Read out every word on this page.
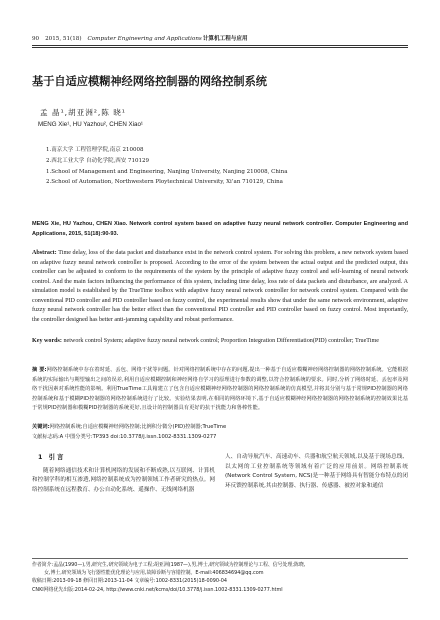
90 2015, 51(18) Computer Engineering and Applications 计算机工程与应用
基于自适应模糊神经网络控制器的网络控制系统
孟 晶¹,胡亚洲²,陈 晓¹
MENG Xie¹, HU Yazhou², CHEN Xiao¹
1.南京大学 工程管理学院,南京 210008
2.西北工业大学 自动化学院,西安 710129
1.School of Management and Engineering, Nanjing University, Nanjing 210008, China
2.School of Automation, Northwestern Ploytechnical University, Xi’an 710129, China
MENG Xie, HU Yazhou, CHEN Xiao. Network control system based on adaptive fuzzy neural network controller. Computer Engineering and Applications, 2015, 51(18):90-93.
Abstract: Time delay, loss of the data packet and disturbance exist in the network control system. For solving this problem, a new network system based on adaptive fuzzy neural network controller is proposed. According to the error of the system between the actual output and the predicted output, this controller can be adjusted to conform to the requirements of the system by the principle of adaptive fuzzy control and self-learning of neural network control. And the main factors influencing the performance of this system, including time delay, loss rate of data packets and disturbance, are analyzed. A simulation model is established by the TrueTime toolbox with adaptive fuzzy neural network controller for network control system. Compared with the conventional PID controller and PID controller based on fuzzy control, the experimental results show that under the same network environment, adaptive fuzzy neural network controller has the better effect than the conventional PID controller and PID controller based on fuzzy control. Most importantly, the controller designed has better anti-jamming capability and robust performance.
Key words: network control System; adaptive fuzzy neural network control; Proportion Integration Differentiation(PID) controller; TrueTime
摘 要:网络控制系统中存在着时延、丢包、网络干扰等问题。针对网络控制系统中存在的问题,提出一种基于自适应模糊神经网络控制器的网络控制系统。它能根据系统的实际输出与期望输出之间的误差,利用自适应模糊控制和神经网络自学习的原理进行参数的调整,以符合控制系统的要求。同时,分析了网络时延、丢包率及网络干扰因素对系统性能的影响。利用TrueTime工具箱建立了包含自适应模糊神经网络控制器的网络控制系统的仿真模型,并将其分别与基于常规PID控制器的网络控制系统和基于模糊PID控制器的网络控制系统进行了比较。实验结果表明,在相同的网络环境下,基于自适应模糊神经网络控制器的网络控制系统的控制效果比基于常规PID控制器和模糊PID控制器的系统更好,且设计的控制器具有更好的抗干扰能力和鲁棒性能。
关键词:网络控制系统;自适应模糊神经网络控制;比例积分微分(PID)控制器;TrueTime
文献标志码:A 中图分类号:TP393 doi:10.3778/j.issn.1002-8331.1309-0277
1 引言
随着网络通信技术和计算机网络的发展和不断成熟,以互联网、计算机和控制学科的相互渗透,网络控制系统成为控制领域工作者研究的热点。网络控制系统在远程教育、办公自动化系统、遥操作、无线网络机器
人、自动导航汽车、高速动车、兵器和航空航天领域,以及基于现场总线、以太网的工业控制系统等领域有着广泛的应用前景。网络控制系统(Network Control System, NCS)是一种基于网络具有智能分布特点的闭环反馈控制系统,其由控制器、执行器、传感器、被控对象和通信
作者简介:孟晶(1990—),男,研究生,研究领域为电子工程;胡亚洲(1987—),男,博士,研究领域为控制理论与工程、信号处理;陈晓,
女,博士,研究领域为飞行器性能优化理论与应用,故障诊断与容错控制。E-mail:406834694@qq.com
收稿日期:2013-09-18 修回日期:2013-11-04 文章编号:1002-8331(2015)18-0090-04
CNKI网络优先出版:2014-02-24, http://www.cnki.net/kcms/doi/10.3778/j.issn.1002-8331.1309-0277.html
